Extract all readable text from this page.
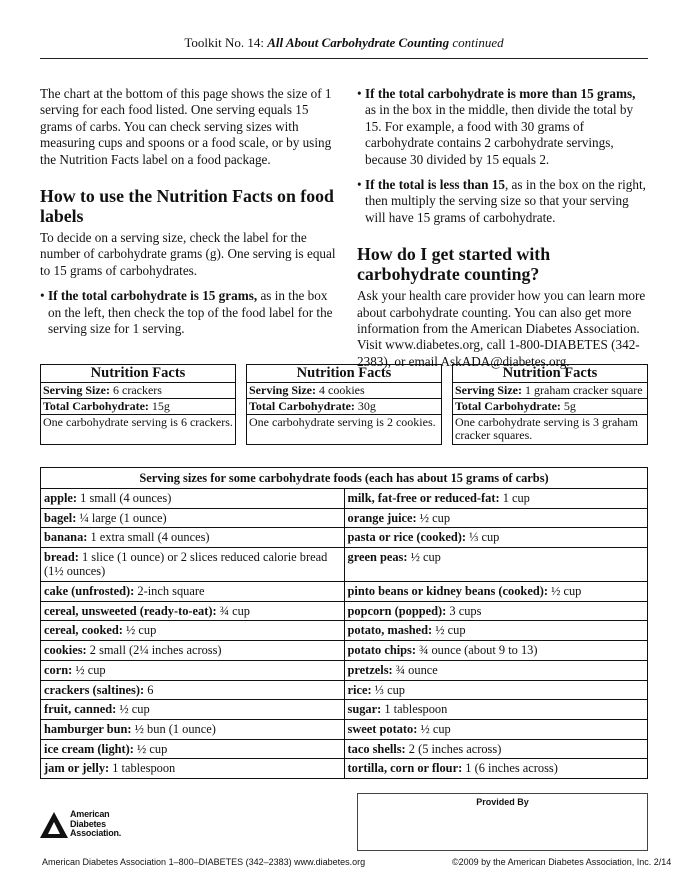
Toolkit No. 14: All About Carbohydrate Counting continued

The chart at the bottom of this page shows the size of 1 serving for each food listed. One serving equals 15 grams of carbs. You can check serving sizes with measuring cups and spoons or a food scale, or by using the Nutrition Facts label on a food package.

How to use the Nutrition Facts on food labels

To decide on a serving size, check the label for the number of carbohydrate grams (g). One serving is equal to 15 grams of carbohydrates.

• If the total carbohydrate is 15 grams, as in the box on the left, then check the top of the food label for the serving size for 1 serving.
• If the total carbohydrate is more than 15 grams, as in the box in the middle, then divide the total by 15. For example, a food with 30 grams of carbohydrate contains 2 carbohydrate servings, because 30 divided by 15 equals 2.
• If the total is less than 15, as in the box on the right, then multiply the serving size so that your serving will have 15 grams of carbohydrate.
How do I get started with carbohydrate counting?

Ask your health care provider how you can learn more about carbohydrate counting. You can also get more information from the American Diabetes Association. Visit www.diabetes.org, call 1-800-DIABETES (342-2383), or email AskADA@diabetes.org.

Nutrition Facts
Serving Size: 6 crackers
Total Carbohydrate: 15g
One carbohydrate serving is 6 crackers.
Nutrition Facts
Serving Size: 4 cookies
Total Carbohydrate: 30g
One carbohydrate serving is 2 cookies.
Nutrition Facts
Serving Size: 1 graham cracker square
Total Carbohydrate: 5g
One carbohydrate serving is 3 graham cracker squares.
Serving sizes for some carbohydrate foods (each has about 15 grams of carbs)	
apple: 1 small (4 ounces)	milk, fat-free or reduced-fat: 1 cup
bagel: ¼ large (1 ounce)	orange juice: ½ cup
banana: 1 extra small (4 ounces)	pasta or rice (cooked): ⅓ cup
bread: 1 slice (1 ounce) or 2 slices reduced calorie bread (1½ ounces)	green peas: ½ cup
cake (unfrosted): 2-inch square	pinto beans or kidney beans (cooked): ½ cup
cereal, unsweeted (ready-to-eat): ¾ cup	popcorn (popped): 3 cups
cereal, cooked: ½ cup	potato, mashed: ½ cup
cookies: 2 small (2¼ inches across)	potato chips: ¾ ounce (about 9 to 13)
corn: ½ cup	pretzels: ¾ ounce
crackers (saltines): 6	rice: ⅓ cup
fruit, canned: ½ cup	sugar: 1 tablespoon
hamburger bun: ½ bun (1 ounce)	sweet potato: ½ cup
ice cream (light): ½ cup	taco shells: 2 (5 inches across)
jam or jelly: 1 tablespoon	tortilla, corn or flour: 1 (6 inches across)
American
Diabetes
Association.
Provided By
American Diabetes Association 1–800–DIABETES (342–2383) www.diabetes.org	©2009 by the American Diabetes Association, Inc. 2/14
